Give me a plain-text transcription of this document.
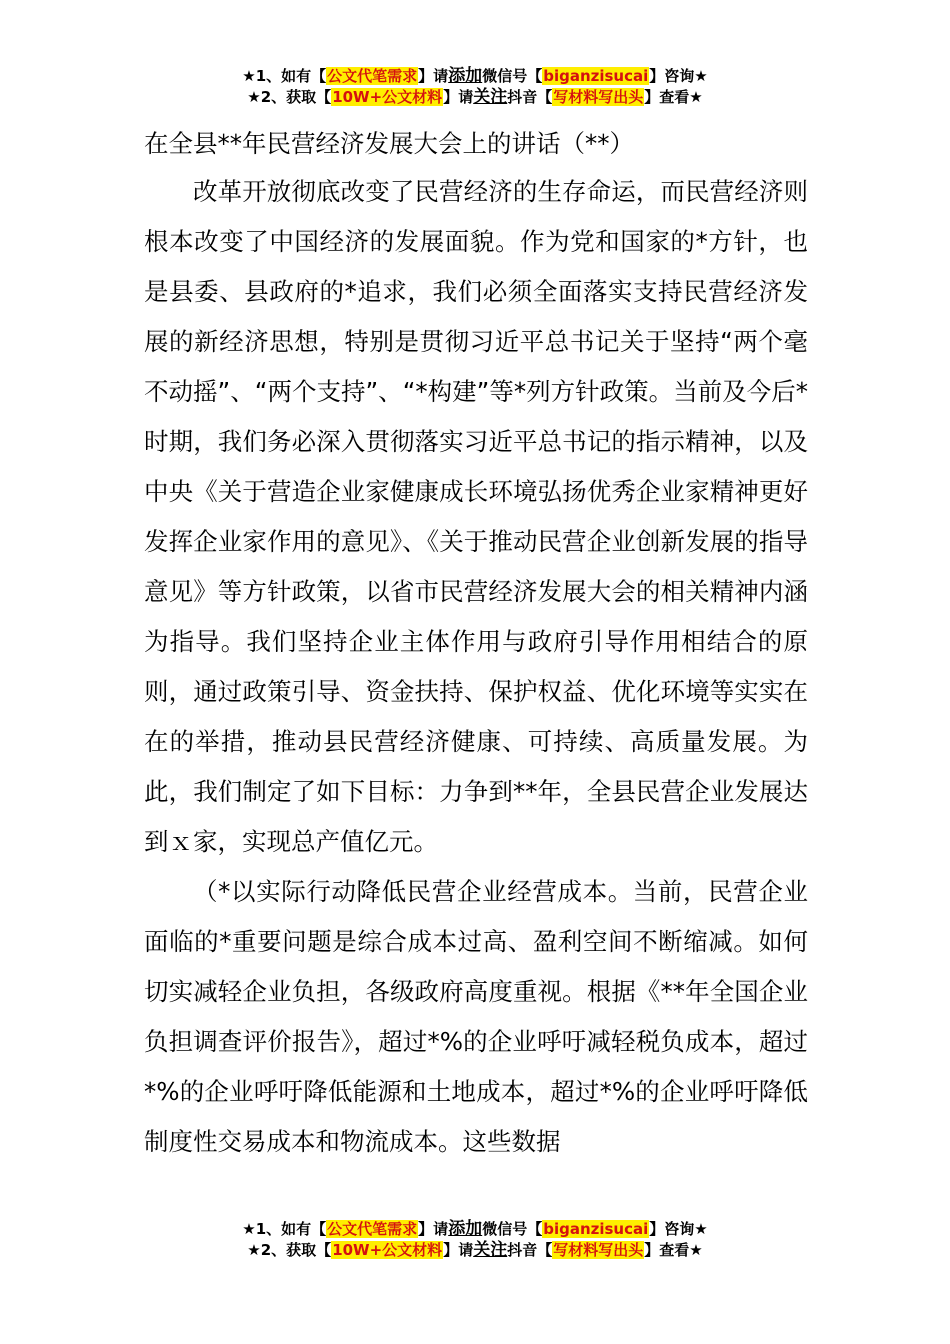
★1、如有【公文代笔需求】请添加微信号【biganzisucai】咨询★
★2、获取【10W+公文材料】请关注抖音【写材料写出头】查看★
在全县**年民营经济发展大会上的讲话（**）

改革开放彻底改变了民营经济的生存命运，而民营经济则根本改变了中国经济的发展面貌。作为党和国家的*方针，也是县委、县政府的*追求，我们必须全面落实支持民营经济发展的新经济思想，特别是贯彻习近平总书记关于坚持“两个毫不动摇”、“两个支持”、“*构建”等*列方针政策。当前及今后*时期，我们务必深入贯彻落实习近平总书记的指示精神，以及中央《关于营造企业家健康成长环境弘扬优秀企业家精神更好发挥企业家作用的意见》、《关于推动民营企业创新发展的指导意见》等方针政策，以省市民营经济发展大会的相关精神内涵为指导。我们坚持企业主体作用与政府引导作用相结合的原则，通过政策引导、资金扶持、保护权益、优化环境等实实在在的举措，推动县民营经济健康、可持续、高质量发展。为此，我们制定了如下目标：力争到**年，全县民营企业发展达到ｘ家，实现总产值亿元。

（*以实际行动降低民营企业经营成本。当前，民营企业面临的*重要问题是综合成本过高、盈利空间不断缩减。如何切实减轻企业负担，各级政府高度重视。根据《**年全国企业负担调查评价报告》，超过*%的企业呼吁减轻税负成本，超过*%的企业呼吁降低能源和土地成本，超过*%的企业呼吁降低制度性交易成本和物流成本。这些数据

★1、如有【公文代笔需求】请添加微信号【biganzisucai】咨询★
★2、获取【10W+公文材料】请关注抖音【写材料写出头】查看★
